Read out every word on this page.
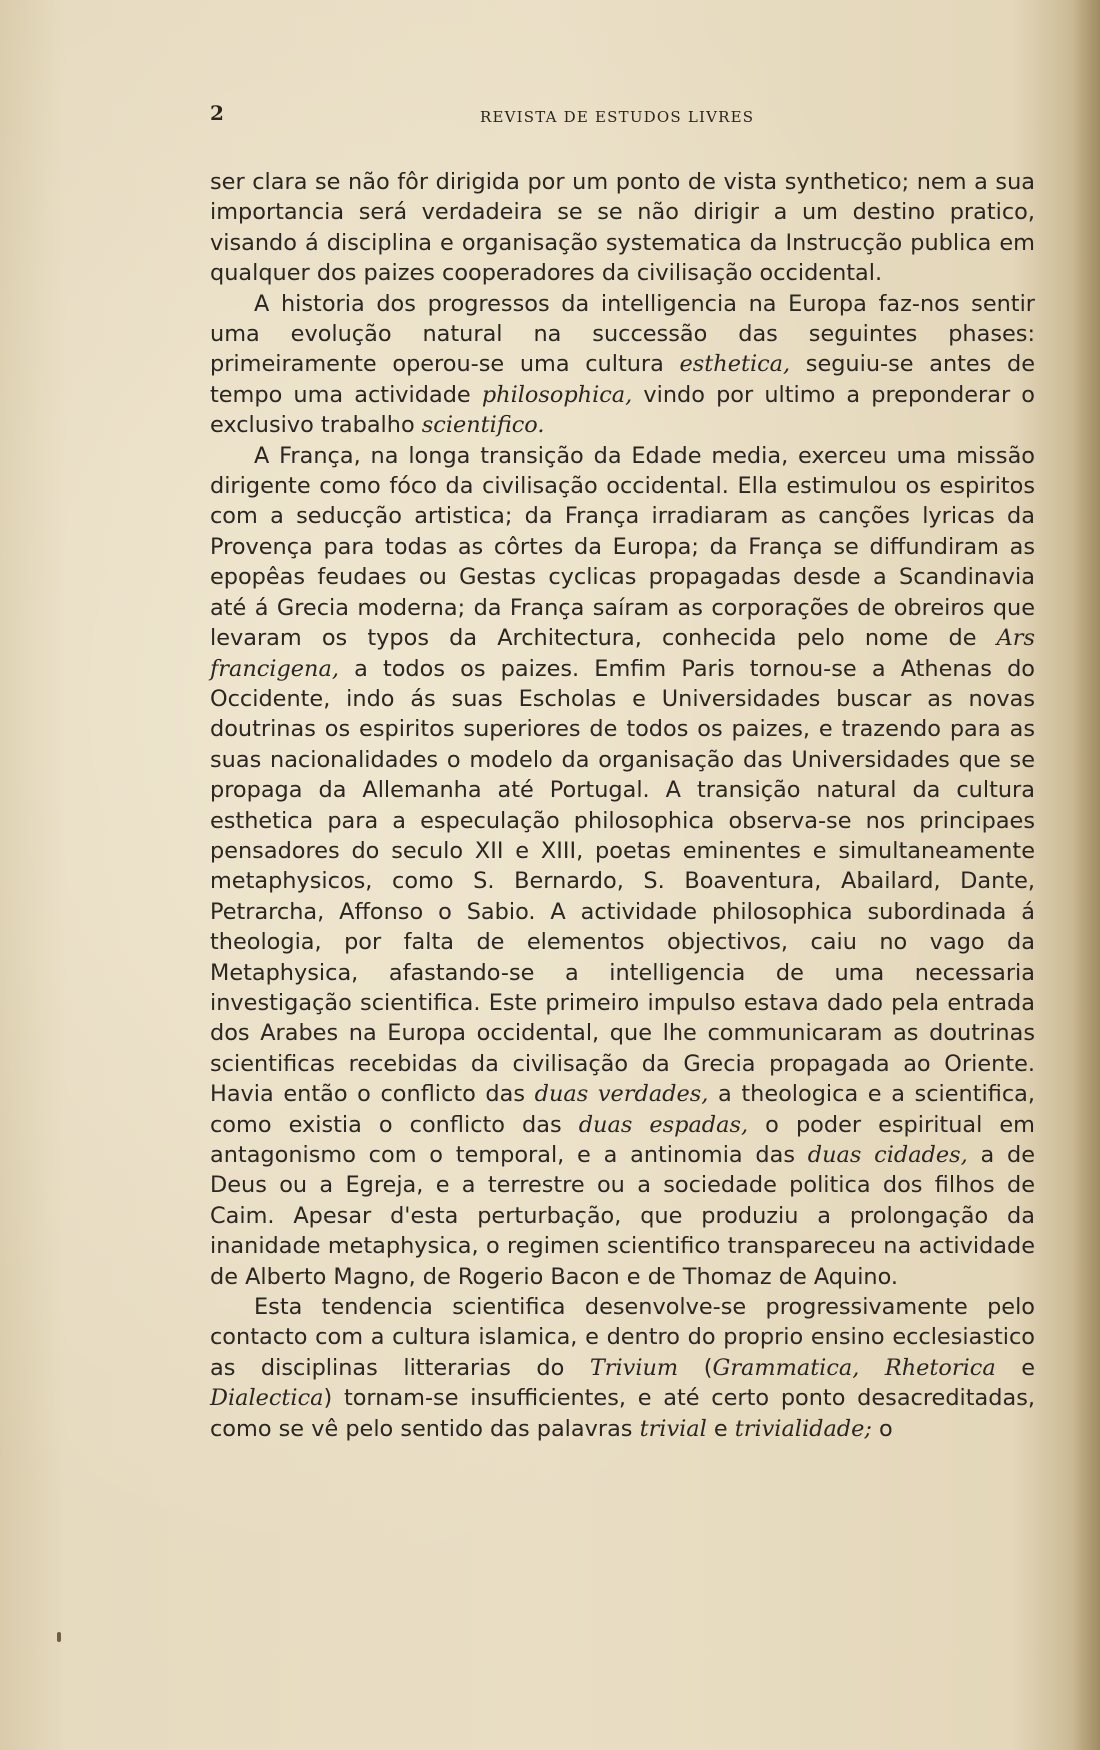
2	REVISTA DE ESTUDOS LIVRES

ser clara se não fôr dirigida por um ponto de vista synthetico; nem a sua importancia será verdadeira se se não dirigir a um destino pratico, visando á disciplina e organisação systematica da Instrucção publica em qualquer dos paizes cooperadores da civilisação occidental.

A historia dos progressos da intelligencia na Europa faz-nos sentir uma evolução natural na successão das seguintes phases: primeiramente operou-se uma cultura esthetica, seguiu-se antes de tempo uma actividade philosophica, vindo por ultimo a preponderar o exclusivo trabalho scientifico.

A França, na longa transição da Edade media, exerceu uma missão dirigente como fóco da civilisação occidental. Ella estimulou os espiritos com a seducção artistica; da França irradiaram as canções lyricas da Provença para todas as côrtes da Europa; da França se diffundiram as epopêas feudaes ou Gestas cyclicas propagadas desde a Scandinavia até á Grecia moderna; da França saíram as corporações de obreiros que levaram os typos da Architectura, conhecida pelo nome de Ars francigena, a todos os paizes. Emfim Paris tornou-se a Athenas do Occidente, indo ás suas Escholas e Universidades buscar as novas doutrinas os espiritos superiores de todos os paizes, e trazendo para as suas nacionalidades o modelo da organisação das Universidades que se propaga da Allemanha até Portugal. A transição natural da cultura esthetica para a especulação philosophica observa-se nos principaes pensadores do seculo XII e XIII, poetas eminentes e simultaneamente metaphysicos, como S. Bernardo, S. Boaventura, Abailard, Dante, Petrarcha, Affonso o Sabio. A actividade philosophica subordinada á theologia, por falta de elementos objectivos, caiu no vago da Metaphysica, afastando-se a intelligencia de uma necessaria investigação scientifica. Este primeiro impulso estava dado pela entrada dos Arabes na Europa occidental, que lhe communicaram as doutrinas scientificas recebidas da civilisação da Grecia propagada ao Oriente. Havia então o conflicto das duas verdades, a theologica e a scientifica, como existia o conflicto das duas espadas, o poder espiritual em antagonismo com o temporal, e a antinomia das duas cidades, a de Deus ou a Egreja, e a terrestre ou a sociedade politica dos filhos de Caim. Apesar d'esta perturbação, que produziu a prolongação da inanidade metaphysica, o regimen scientifico transpareceu na actividade de Alberto Magno, de Rogerio Bacon e de Thomaz de Aquino.

Esta tendencia scientifica desenvolve-se progressivamente pelo contacto com a cultura islamica, e dentro do proprio ensino ecclesiastico as disciplinas litterarias do Trivium (Grammatica, Rhetorica e Dialectica) tornam-se insufficientes, e até certo ponto desacreditadas, como se vê pelo sentido das palavras trivial e trivialidade; o
